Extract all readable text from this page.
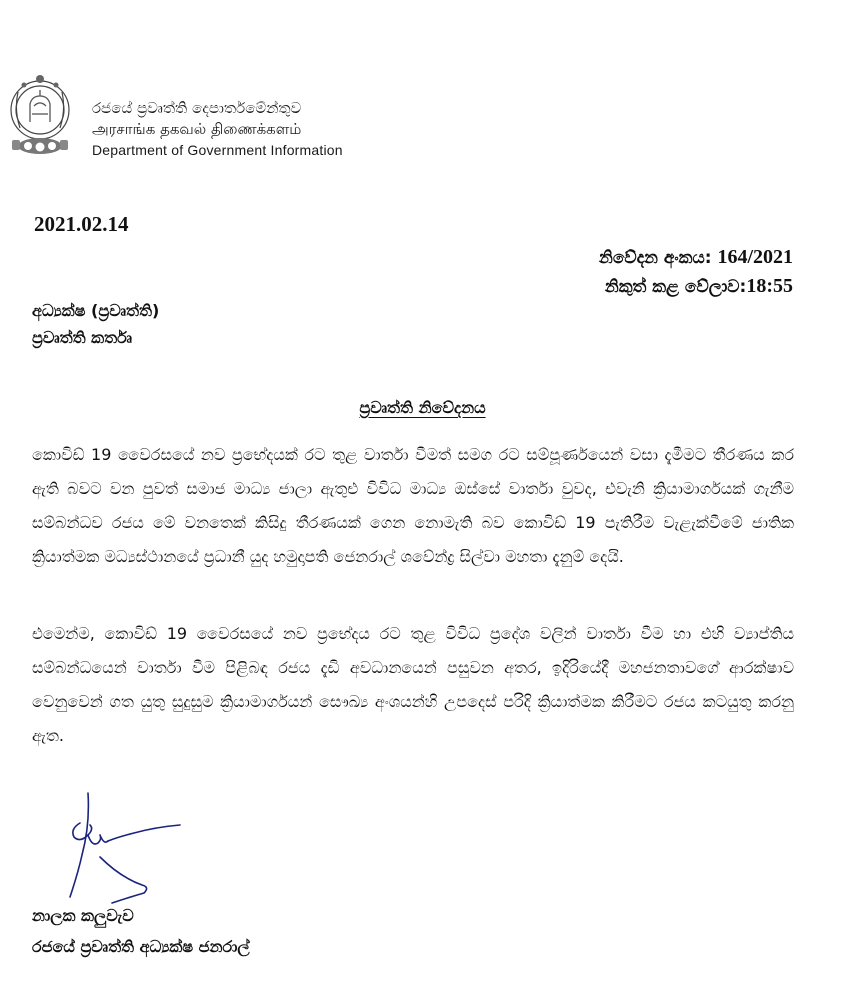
රජයේ ප්‍රවෘත්ති දෙපාර්තමේන්තුව
அரசாங்க தகவல் திணைக்களம்
Department of Government Information
2021.02.14
නිවේදන අංකය: 164/2021
නිකුත් කළ වේලාව:18:55
අධ්‍යක්ෂ (ප්‍රවෘත්ති)
ප්‍රවෘත්ති කර්තෘ
ප්‍රවෘත්ති නිවේදනය
කොවිඩ් 19 වෛරසයේ නව ප්‍රභේදයක් රට තුළ වාර්තා වීමත් සමග රට සම්පූර්ණයෙන් වසා දැමීමට තීරණය කර ඇති බවට වන පුවත් සමාජ මාධ්‍ය ජාලා ඇතුළු විවිධ මාධ්‍ය ඔස්සේ වාර්තා වුවද, එවැනි ක්‍රියාමාර්ගයක් ගැනීම සම්බන්ධව රජය මේ වනතෙක් කිසිදු තීරණයක් ගෙන නොමැති බව කොවිඩ් 19 පැතිරීම වැළැක්වීමේ ජාතික ක්‍රියාත්මක මධ්‍යස්ථානයේ ප්‍රධානී යුද හමුදාපති ජෙනරාල් ශවේන්ද්‍ර සිල්වා මහතා දැනුම් දෙයි.
එමෙන්ම, කොවිඩ් 19 වෛරසයේ නව ප්‍රභේදය රට තුළ විවිධ ප්‍රදේශ වලින් වාර්තා වීම හා එහි ව්‍යාප්තිය සම්බන්ධයෙන් වාර්තා වීම පිළිබඳ රජය දැඩි අවධානයෙන් පසුවන අතර, ඉදිරියේදී මහජනතාවගේ ආරක්ෂාව වෙනුවෙන් ගත යුතු සුදුසුම ක්‍රියාමාර්ගයන් සෞඛ්‍ය අංශයන්හි උපදෙස් පරිදි ක්‍රියාත්මක කිරීමට රජය කටයුතු කරනු ඇත.
නාලක කලුවැව
රජයේ ප්‍රවෘත්ති අධ්‍යක්ෂ ජනරාල්
